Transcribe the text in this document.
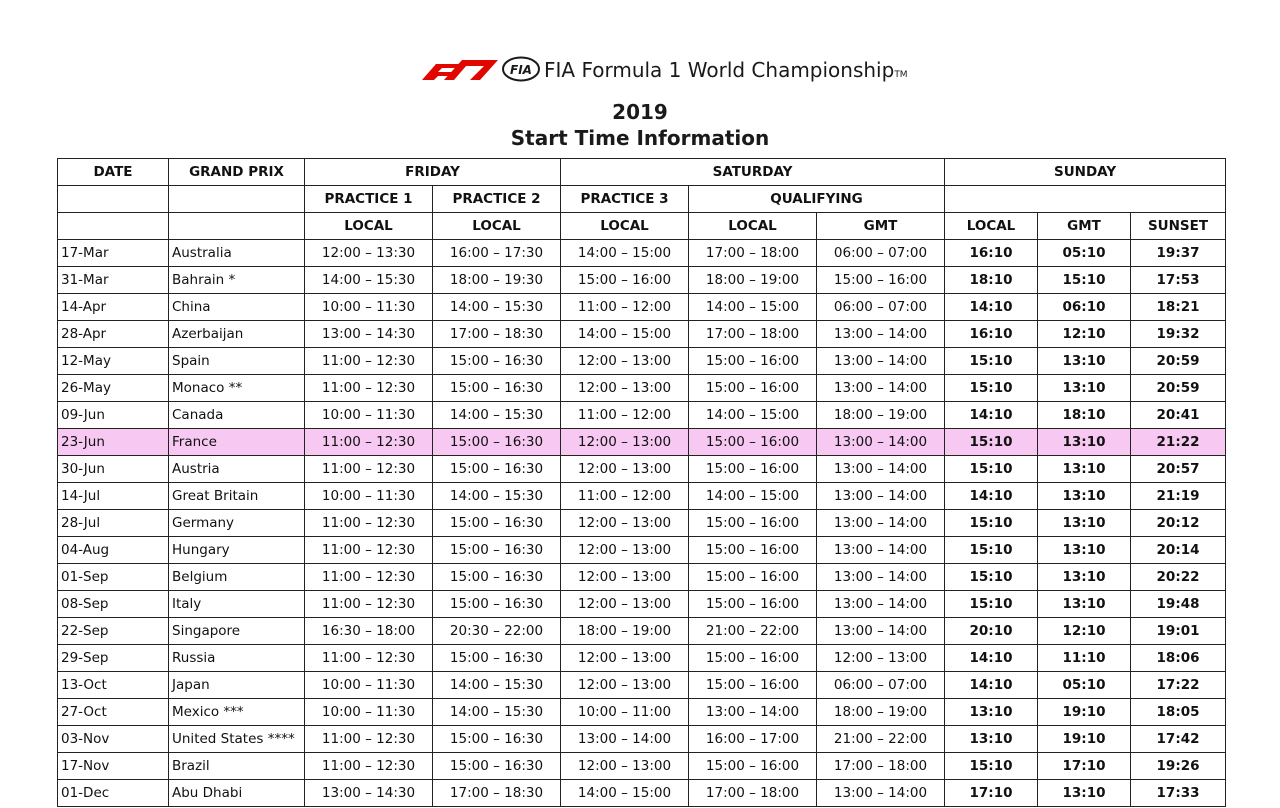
FIA FIA Formula 1 World ChampionshipTM
2019
Start Time Information
DATE	GRAND PRIX	FRIDAY		SATURDAY			SUNDAY		
		PRACTICE 1	PRACTICE 2	PRACTICE 3	QUALIFYING				
		LOCAL	LOCAL	LOCAL	LOCAL	GMT	LOCAL	GMT	SUNSET
17-Mar	Australia	12:00 – 13:30	16:00 – 17:30	14:00 – 15:00	17:00 – 18:00	06:00 – 07:00	16:10	05:10	19:37
31-Mar	Bahrain *	14:00 – 15:30	18:00 – 19:30	15:00 – 16:00	18:00 – 19:00	15:00 – 16:00	18:10	15:10	17:53
14-Apr	China	10:00 – 11:30	14:00 – 15:30	11:00 – 12:00	14:00 – 15:00	06:00 – 07:00	14:10	06:10	18:21
28-Apr	Azerbaijan	13:00 – 14:30	17:00 – 18:30	14:00 – 15:00	17:00 – 18:00	13:00 – 14:00	16:10	12:10	19:32
12-May	Spain	11:00 – 12:30	15:00 – 16:30	12:00 – 13:00	15:00 – 16:00	13:00 – 14:00	15:10	13:10	20:59
26-May	Monaco **	11:00 – 12:30	15:00 – 16:30	12:00 – 13:00	15:00 – 16:00	13:00 – 14:00	15:10	13:10	20:59
09-Jun	Canada	10:00 – 11:30	14:00 – 15:30	11:00 – 12:00	14:00 – 15:00	18:00 – 19:00	14:10	18:10	20:41
23-Jun	France	11:00 – 12:30	15:00 – 16:30	12:00 – 13:00	15:00 – 16:00	13:00 – 14:00	15:10	13:10	21:22
30-Jun	Austria	11:00 – 12:30	15:00 – 16:30	12:00 – 13:00	15:00 – 16:00	13:00 – 14:00	15:10	13:10	20:57
14-Jul	Great Britain	10:00 – 11:30	14:00 – 15:30	11:00 – 12:00	14:00 – 15:00	13:00 – 14:00	14:10	13:10	21:19
28-Jul	Germany	11:00 – 12:30	15:00 – 16:30	12:00 – 13:00	15:00 – 16:00	13:00 – 14:00	15:10	13:10	20:12
04-Aug	Hungary	11:00 – 12:30	15:00 – 16:30	12:00 – 13:00	15:00 – 16:00	13:00 – 14:00	15:10	13:10	20:14
01-Sep	Belgium	11:00 – 12:30	15:00 – 16:30	12:00 – 13:00	15:00 – 16:00	13:00 – 14:00	15:10	13:10	20:22
08-Sep	Italy	11:00 – 12:30	15:00 – 16:30	12:00 – 13:00	15:00 – 16:00	13:00 – 14:00	15:10	13:10	19:48
22-Sep	Singapore	16:30 – 18:00	20:30 – 22:00	18:00 – 19:00	21:00 – 22:00	13:00 – 14:00	20:10	12:10	19:01
29-Sep	Russia	11:00 – 12:30	15:00 – 16:30	12:00 – 13:00	15:00 – 16:00	12:00 – 13:00	14:10	11:10	18:06
13-Oct	Japan	10:00 – 11:30	14:00 – 15:30	12:00 – 13:00	15:00 – 16:00	06:00 – 07:00	14:10	05:10	17:22
27-Oct	Mexico ***	10:00 – 11:30	14:00 – 15:30	10:00 – 11:00	13:00 – 14:00	18:00 – 19:00	13:10	19:10	18:05
03-Nov	United States ****	11:00 – 12:30	15:00 – 16:30	13:00 – 14:00	16:00 – 17:00	21:00 – 22:00	13:10	19:10	17:42
17-Nov	Brazil	11:00 – 12:30	15:00 – 16:30	12:00 – 13:00	15:00 – 16:00	17:00 – 18:00	15:10	17:10	19:26
01-Dec	Abu Dhabi	13:00 – 14:30	17:00 – 18:30	14:00 – 15:00	17:00 – 18:00	13:00 – 14:00	17:10	13:10	17:33
